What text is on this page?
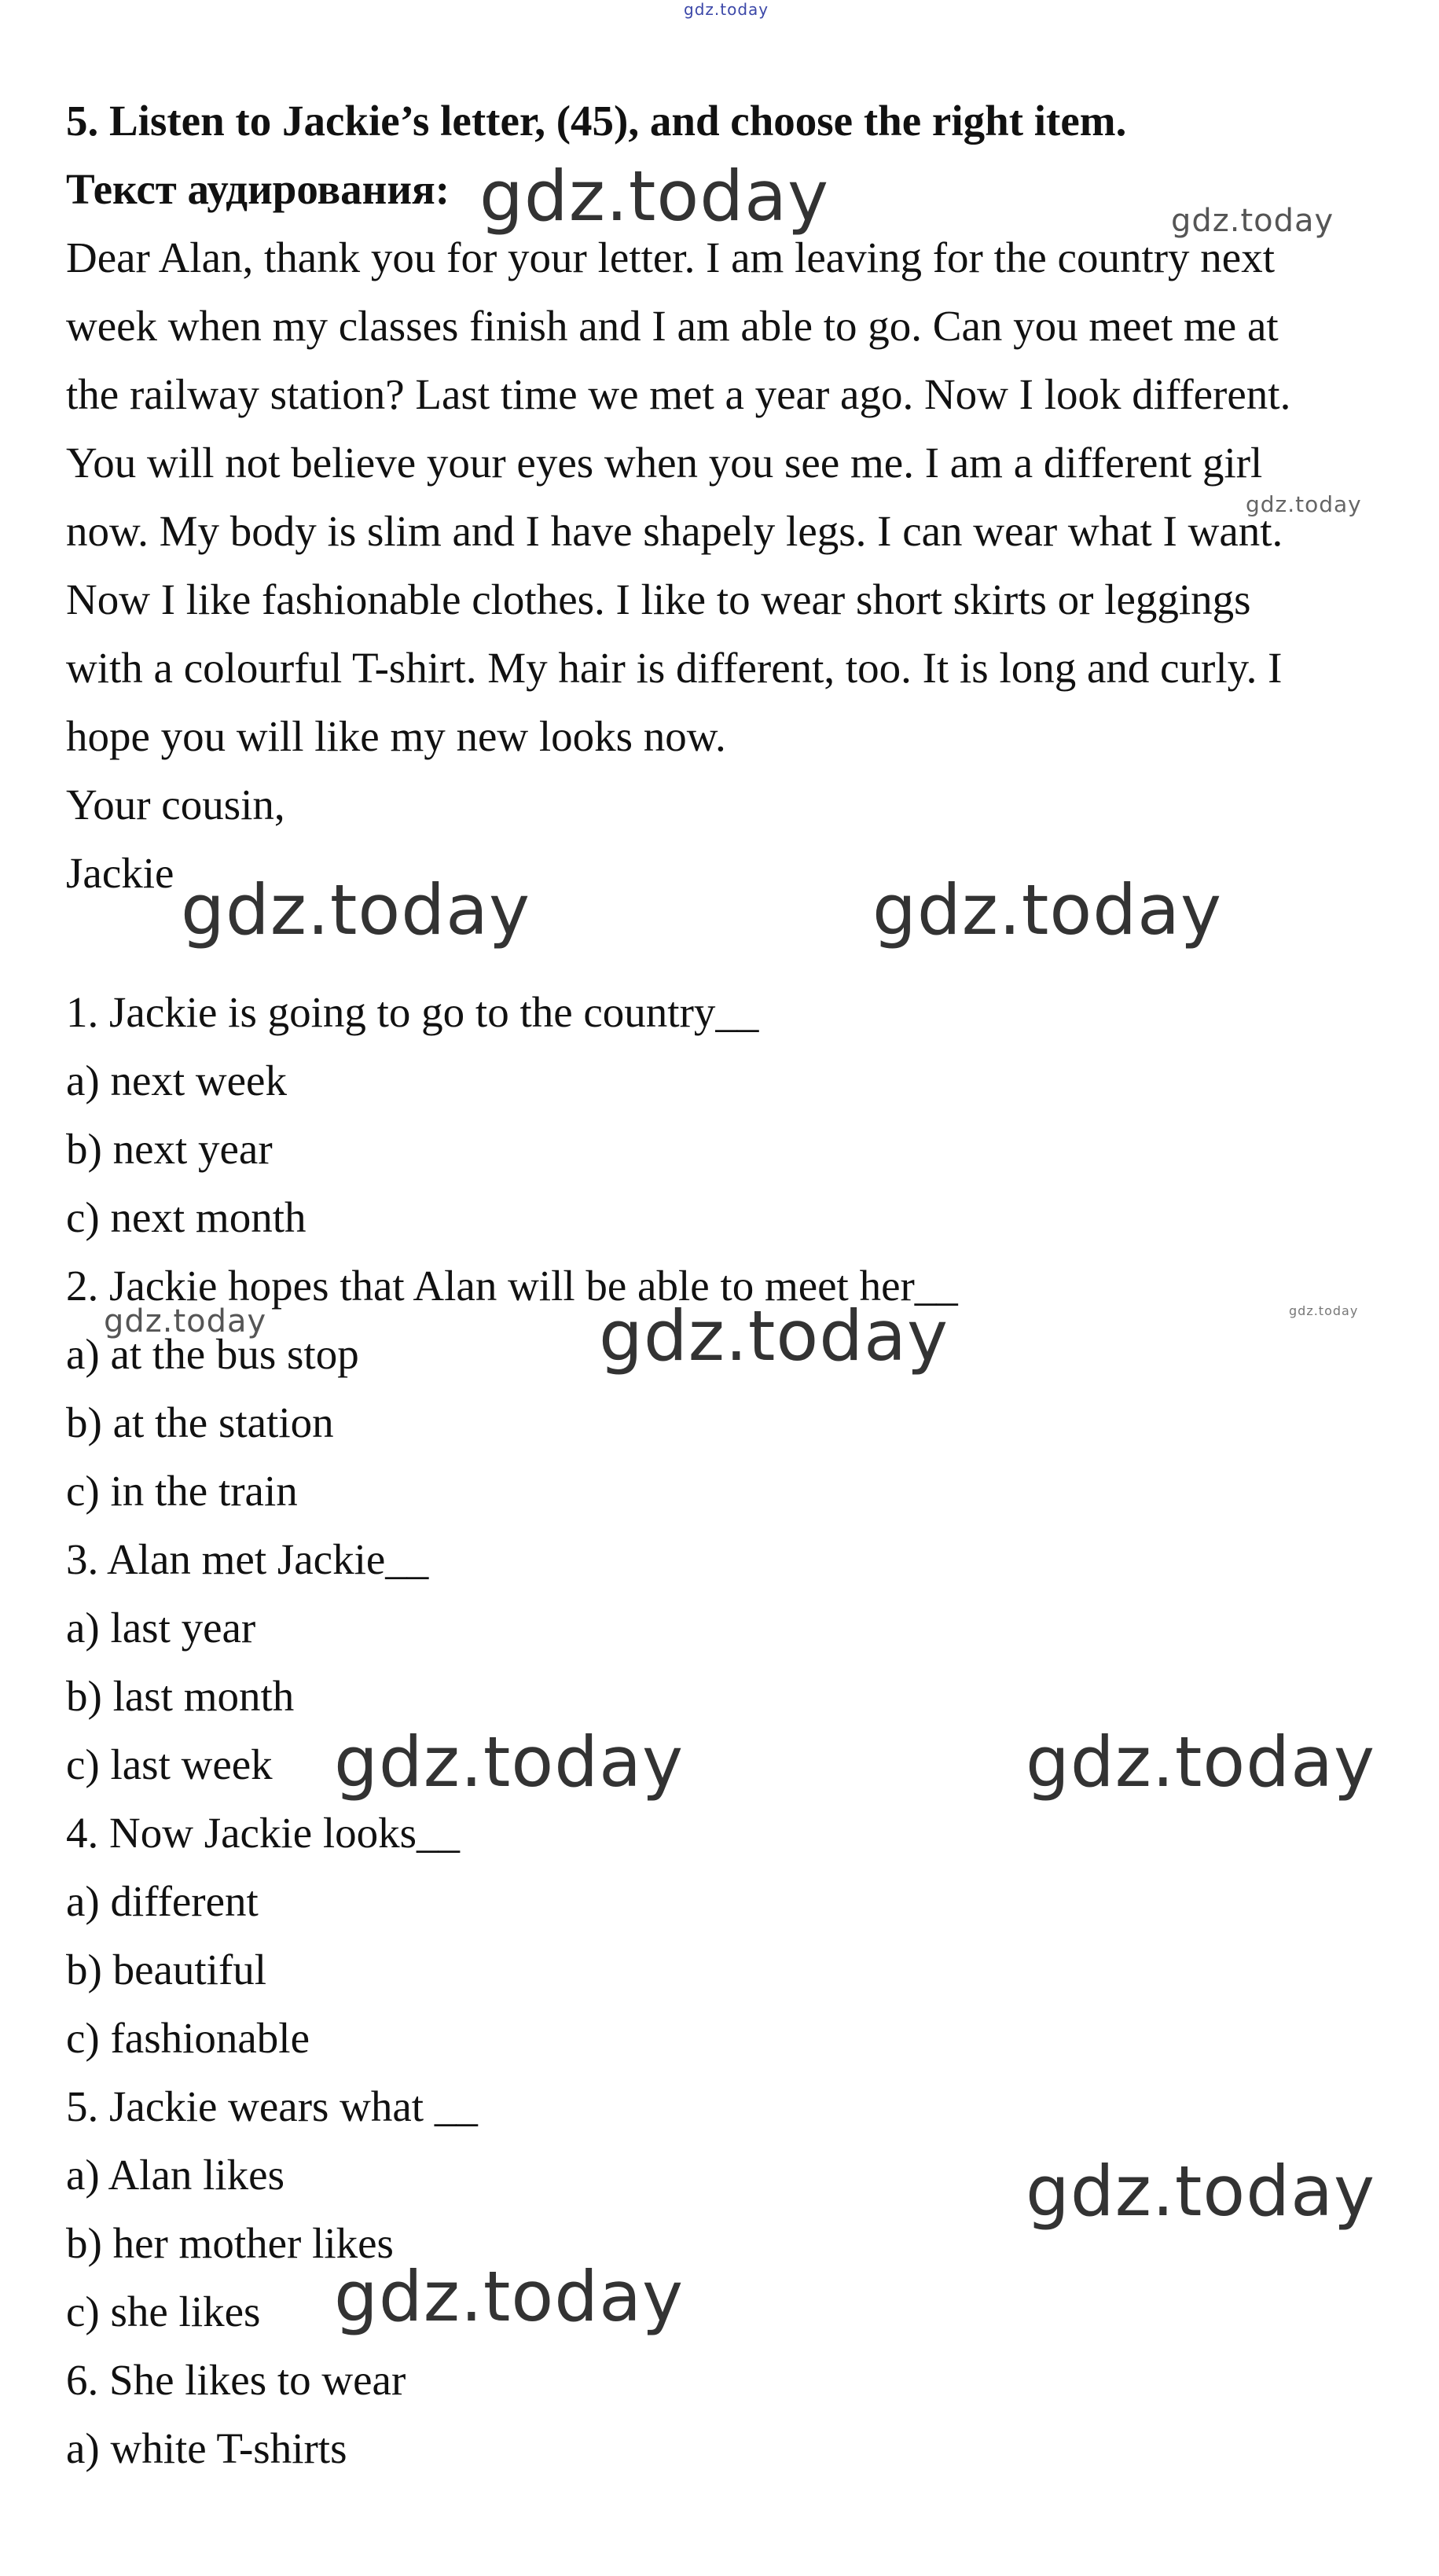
gdz.today

5. Listen to Jackie’s letter, (45), and choose the right item.

Текст аудирования:

Dear Alan, thank you for your letter. I am leaving for the country next

week when my classes finish and I am able to go. Can you meet me at

the railway station? Last time we met a year ago. Now I look different.

You will not believe your eyes when you see me. I am a different girl

now. My body is slim and I have shapely legs. I can wear what I want.

Now I like fashionable clothes. I like to wear short skirts or leggings

with a colourful T-shirt. My hair is different, too. It is long and curly. I

hope you will like my new looks now.

Your cousin,

Jackie

1. Jackie is going to go to the country__

a) next week

b) next year

c) next month

2. Jackie hopes that Alan will be able to meet her__

a) at the bus stop

b) at the station

c) in the train

3. Alan met Jackie__

a) last year

b) last month

c) last week

4. Now Jackie looks__

a) different

b) beautiful

c) fashionable

5. Jackie wears what __

a) Alan likes

b) her mother likes

c) she likes

6. She likes to wear

a) white T-shirts

gdz.today	gdz.today
gdz.today
gdz.today	gdz.today
gdz.today	gdz.today	gdz.today
gdz.today	gdz.today
gdz.today
gdz.today
